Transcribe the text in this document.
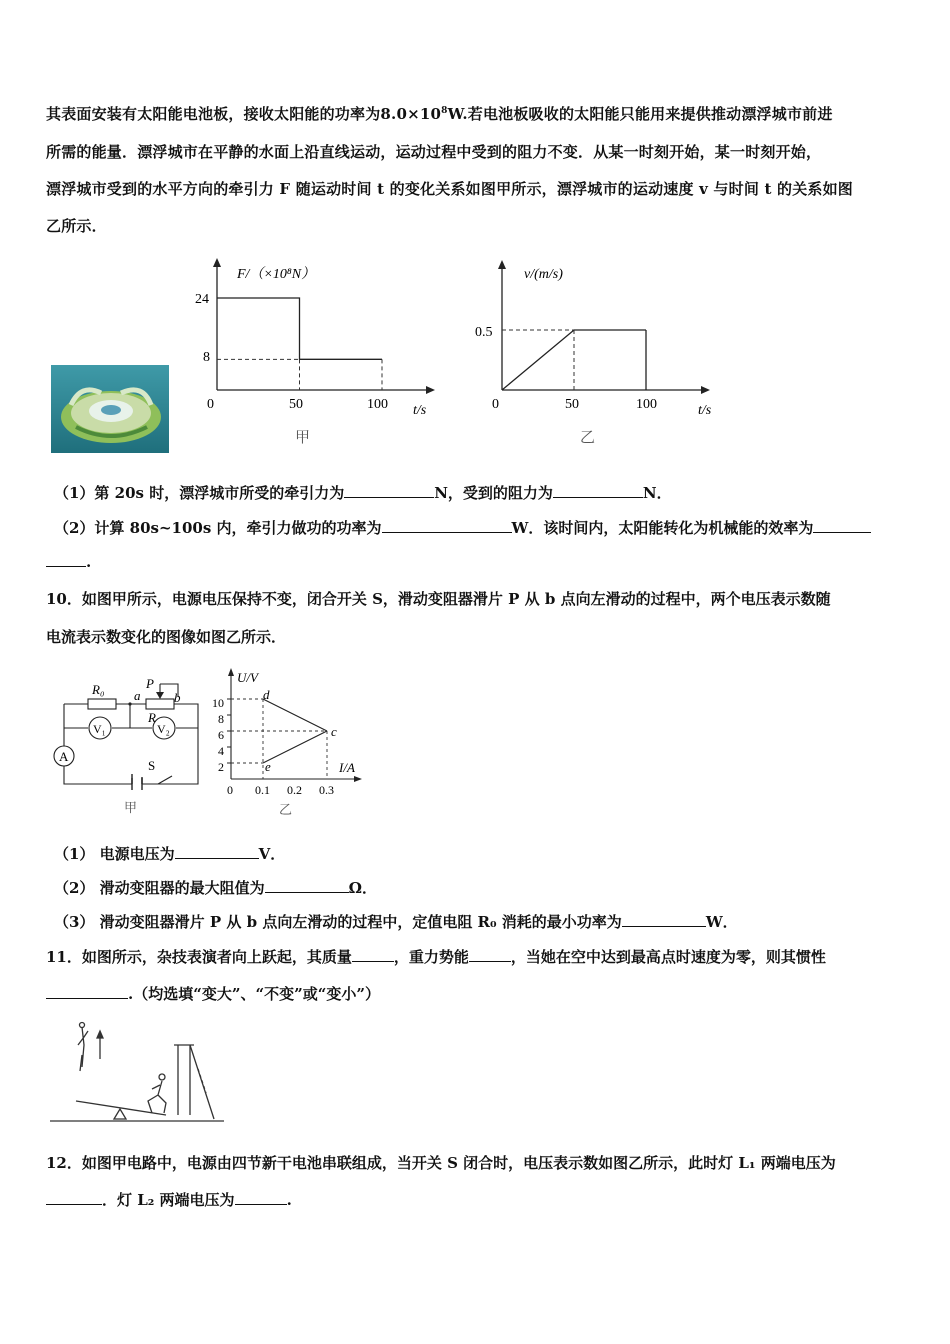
其表面安装有太阳能电池板，接收太阳能的功率为$8.0\times 10^8W$.若电池板吸收的太阳能只能用来提供推动漂浮城市前进
所需的能量．漂浮城市在平静的水面上沿直线运动，运动过程中受到的阻力不变．从某一时刻开始，某一时刻开始，
漂浮城市受到的水平方向的牵引力 F 随运动时间 t 的变化关系如图甲所示，漂浮城市的运动速度 v 与时间 t 的关系如图
乙所示．
F/（×10⁸N）
24
8
0	50	100 t/s
甲
v/(m/s)
0.5
0	50	100	t/s
乙
（1）第 20s 时，漂浮城市所受的牵引力为	N，受到的阻力为	N．
（2）计算 80s~100s 内，牵引力做功的功率为	W．该时间内，太阳能转化为机械能的效率为
.
10．如图甲所示，电源电压保持不变，闭合开关 S，滑动变阻器滑片 P 从 b 点向左滑动的过程中，两个电压表示数随
电流表示数变化的图像如图乙所示．
R₀ a
P
b
R
V₁	V₂
A
S
甲
U/V
I/A
10
8
6
4
2
0 0.1 0.2 0.3
d
c
e
乙
（1） 电源电压为	V．
（2） 滑动变阻器的最大阻值为	Ω．
（3） 滑动变阻器滑片 P 从 b 点向左滑动的过程中，定值电阻 R₀ 消耗的最小功率为	W．
11．如图所示，杂技表演者向上跃起，其质量	，重力势能	，当她在空中达到最高点时速度为零，则其惯性
.（均选填“变大”、“不变”或“变小”）
12．如图甲电路中，电源由四节新干电池串联组成，当开关 S 闭合时，电压表示数如图乙所示，此时灯 L₁ 两端电压为
．灯 L₂ 两端电压为	.
